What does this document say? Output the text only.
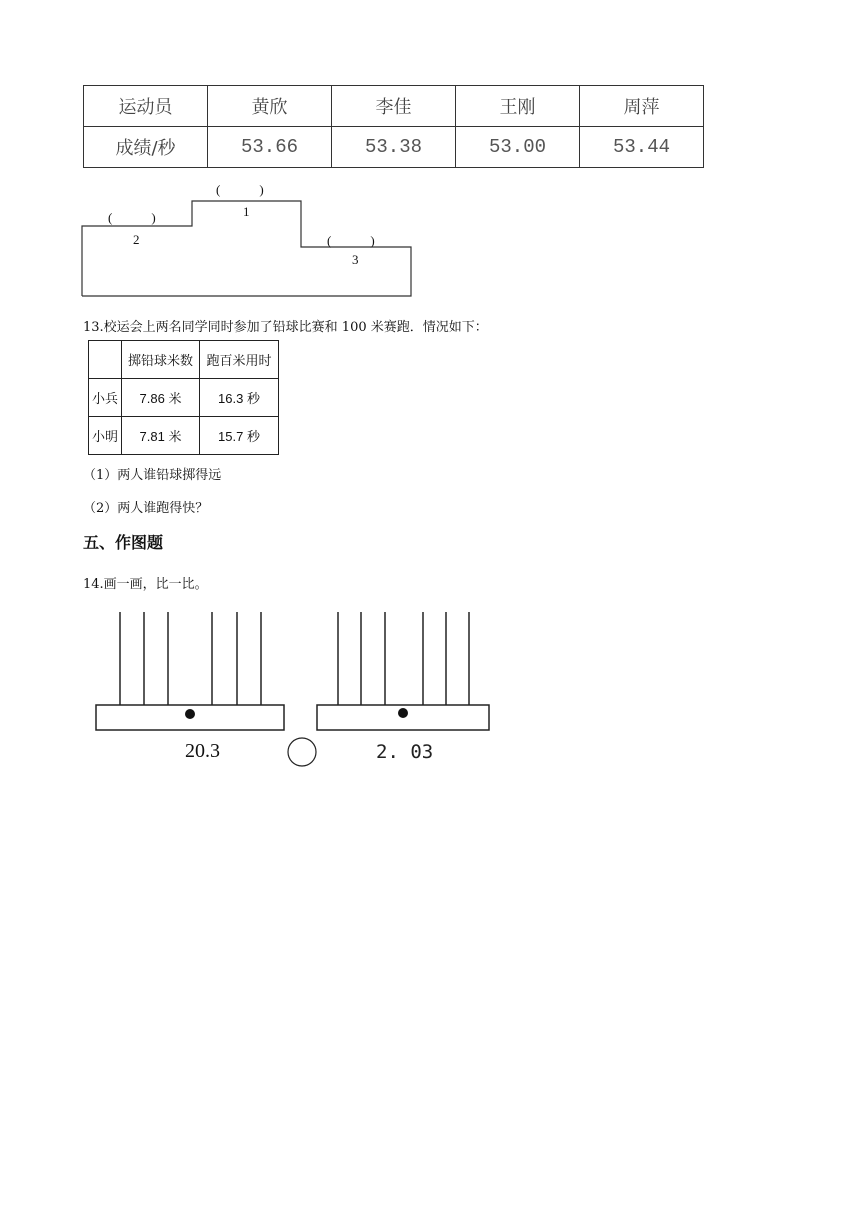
运动员	黄欣	李佳	王刚	周萍
成绩/秒	53.66	53.38	53.00	53.44
(　　　)
1
(　　　)
2	(　　　)
3
13.校运会上两名同学同时参加了铅球比赛和 100 米赛跑．情况如下：
	掷铅球米数	跑百米用时
小兵	7.86 米	16.3 秒
小明	7.81 米	15.7 秒
（1）两人谁铅球掷得远
（2）两人谁跑得快？
五、作图题
14.画一画，比一比。
20.3	2. 03
